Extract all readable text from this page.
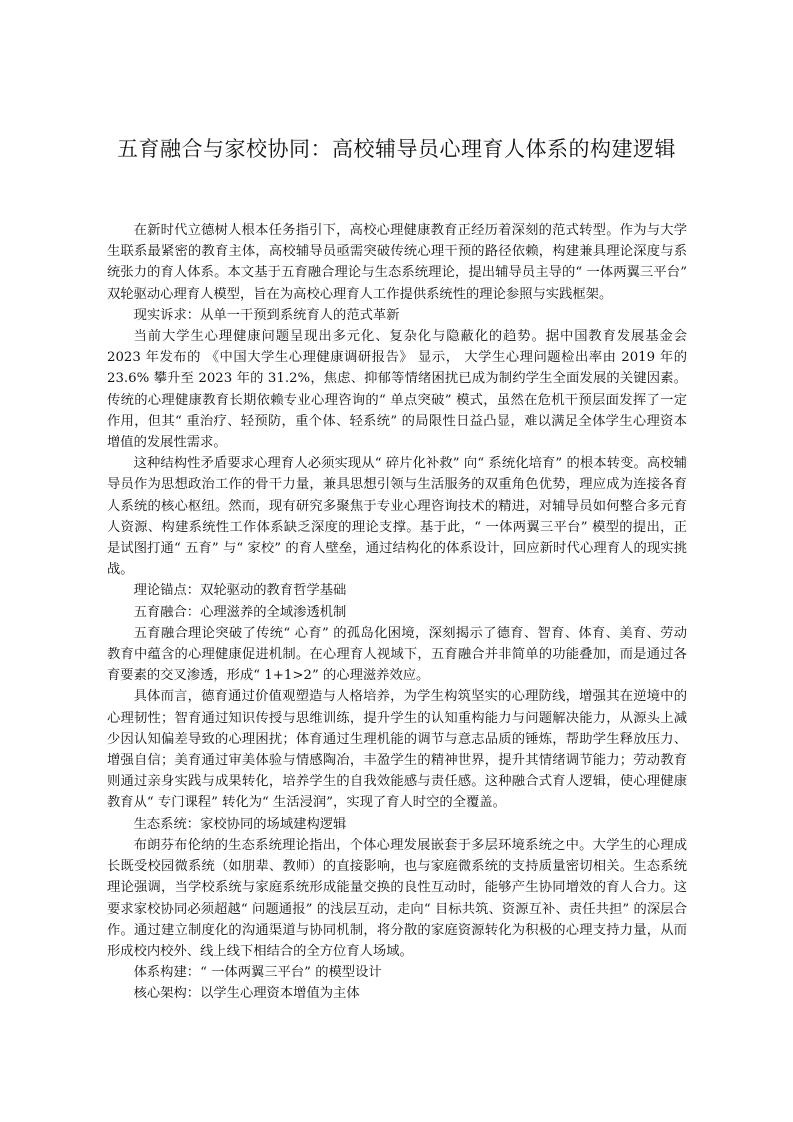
五育融合与家校协同：高校辅导员心理育人体系的构建逻辑

在新时代立德树人根本任务指引下，高校心理健康教育正经历着深刻的范式转型。作为与大学生联系最紧密的教育主体，高校辅导员亟需突破传统心理干预的路径依赖，构建兼具理论深度与系统张力的育人体系。本文基于五育融合理论与生态系统理论，提出辅导员主导的“ 一体两翼三平台” 双轮驱动心理育人模型，旨在为高校心理育人工作提供系统性的理论参照与实践框架。

现实诉求：从单一干预到系统育人的范式革新

当前大学生心理健康问题呈现出多元化、复杂化与隐蔽化的趋势。据中国教育发展基金会 2023 年发布的 《中国大学生心理健康调研报告》 显示， 大学生心理问题检出率由 2019 年的 23.6% 攀升至 2023 年的 31.2%，焦虑、抑郁等情绪困扰已成为制约学生全面发展的关键因素。传统的心理健康教育长期依赖专业心理咨询的“ 单点突破” 模式，虽然在危机干预层面发挥了一定作用，但其“ 重治疗、轻预防，重个体、轻系统” 的局限性日益凸显，难以满足全体学生心理资本增值的发展性需求。

这种结构性矛盾要求心理育人必须实现从“ 碎片化补救” 向“ 系统化培育” 的根本转变。高校辅导员作为思想政治工作的骨干力量，兼具思想引领与生活服务的双重角色优势，理应成为连接各育人系统的核心枢纽。然而，现有研究多聚焦于专业心理咨询技术的精进，对辅导员如何整合多元育人资源、构建系统性工作体系缺乏深度的理论支撑。基于此，“ 一体两翼三平台” 模型的提出，正是试图打通“ 五育” 与“ 家校” 的育人壁垒，通过结构化的体系设计，回应新时代心理育人的现实挑战。

理论锚点：双轮驱动的教育哲学基础

五育融合：心理滋养的全域渗透机制

五育融合理论突破了传统“ 心育” 的孤岛化困境，深刻揭示了德育、智育、体育、美育、劳动教育中蕴含的心理健康促进机制。在心理育人视域下，五育融合并非简单的功能叠加，而是通过各育要素的交叉渗透，形成“ 1+1>2” 的心理滋养效应。

具体而言，德育通过价值观塑造与人格培养，为学生构筑坚实的心理防线，增强其在逆境中的心理韧性；智育通过知识传授与思维训练，提升学生的认知重构能力与问题解决能力，从源头上减少因认知偏差导致的心理困扰；体育通过生理机能的调节与意志品质的锤炼，帮助学生释放压力、增强自信；美育通过审美体验与情感陶冶，丰盈学生的精神世界，提升其情绪调节能力；劳动教育则通过亲身实践与成果转化，培养学生的自我效能感与责任感。这种融合式育人逻辑，使心理健康教育从“ 专门课程” 转化为“ 生活浸润”，实现了育人时空的全覆盖。

生态系统：家校协同的场域建构逻辑

布朗芬布伦纳的生态系统理论指出，个体心理发展嵌套于多层环境系统之中。大学生的心理成长既受校园微系统（如朋辈、教师）的直接影响，也与家庭微系统的支持质量密切相关。生态系统理论强调，当学校系统与家庭系统形成能量交换的良性互动时，能够产生协同增效的育人合力。这要求家校协同必须超越“ 问题通报” 的浅层互动，走向“ 目标共筑、资源互补、责任共担” 的深层合作。通过建立制度化的沟通渠道与协同机制，将分散的家庭资源转化为积极的心理支持力量，从而形成校内校外、线上线下相结合的全方位育人场域。

体系构建：“ 一体两翼三平台” 的模型设计

核心架构：以学生心理资本增值为主体
